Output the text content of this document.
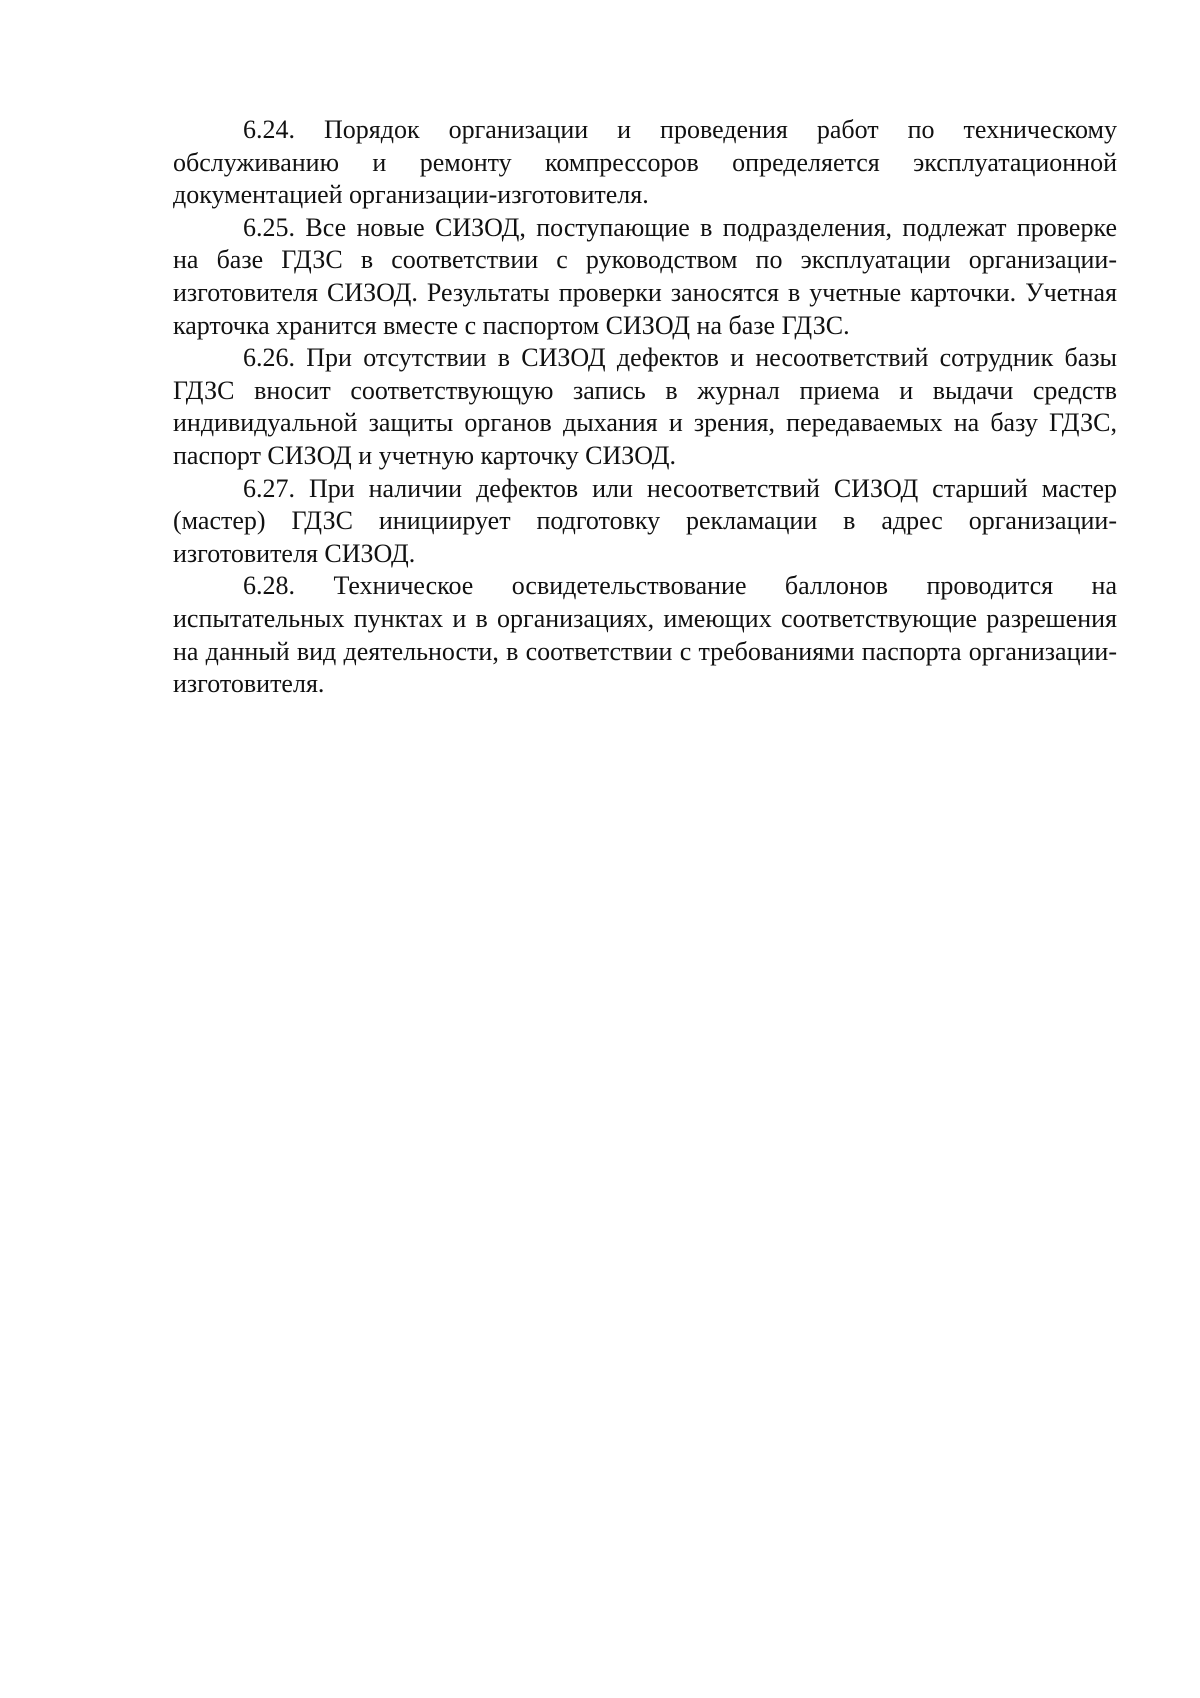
6.24. Порядок организации и проведения работ по техническому обслуживанию и ремонту компрессоров определяется эксплуатационной документацией организации-изготовителя.

6.25. Все новые СИЗОД, поступающие в подразделения, подлежат проверке на базе ГДЗС в соответствии с руководством по эксплуатации организации-изготовителя СИЗОД. Результаты проверки заносятся в учетные карточки. Учетная карточка хранится вместе с паспортом СИЗОД на базе ГДЗС.

6.26. При отсутствии в СИЗОД дефектов и несоответствий сотрудник базы ГДЗС вносит соответствующую запись в журнал приема и выдачи средств индивидуальной защиты органов дыхания и зрения, передаваемых на базу ГДЗС, паспорт СИЗОД и учетную карточку СИЗОД.

6.27. При наличии дефектов или несоответствий СИЗОД старший мастер (мастер) ГДЗС инициирует подготовку рекламации в адрес организации-изготовителя СИЗОД.

6.28. Техническое освидетельствование баллонов проводится на испытательных пунктах и в организациях, имеющих соответствующие разрешения на данный вид деятельности, в соответствии с требованиями паспорта организации-изготовителя.
